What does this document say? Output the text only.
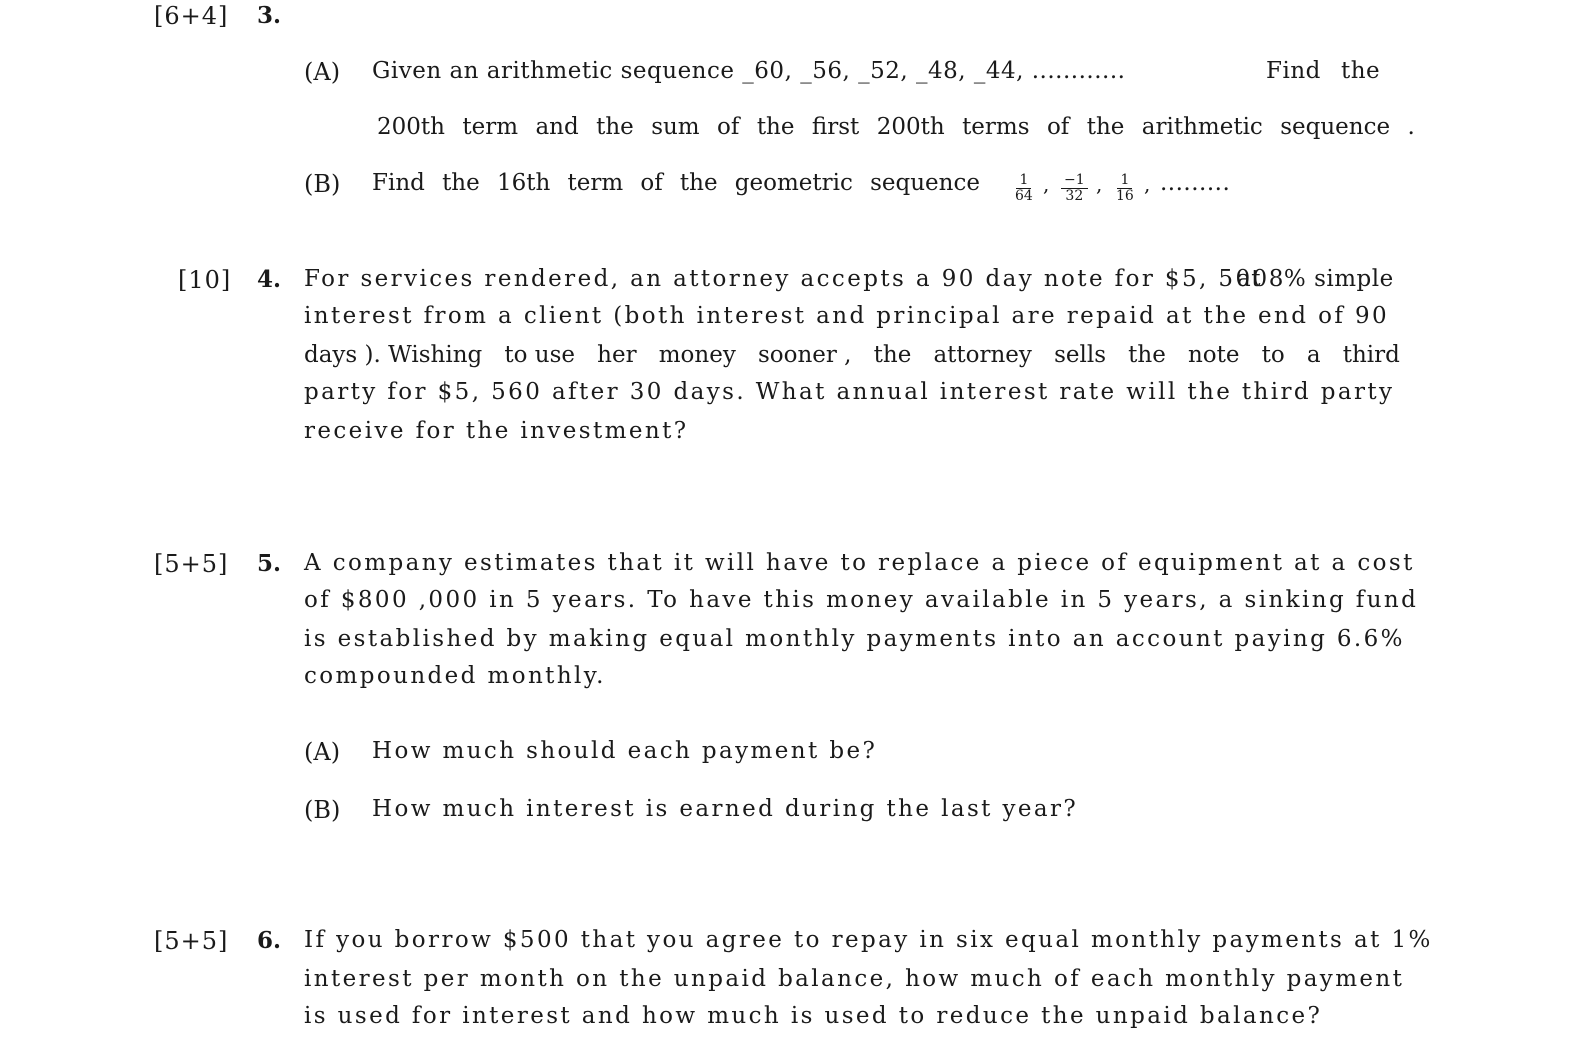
[6+4] 3.
(A) Given an arithmetic sequence _60, _56, _52, _48, _44, ............	Find the
200th term and the sum of the first 200th terms of the arithmetic sequence .
(B) Find the 16th term of the geometric sequence $\frac{1}{64}$ , $\frac{-1}{32}$ , $\frac{1}{16}$ , .........
[10] 4. For services rendered, an attorney accepts a 90 day note for $5, 500
at 8% simple
interest from a client (both interest and principal are repaid at the end of 90
days ). Wishing to use her money sooner , the attorney sells the note to a third
party for $5, 560 after 30 days. What annual interest rate will the third party
receive for the investment?
[5+5] 5. A company estimates that it will have to replace a piece of equipment at a cost
of $800 ,000 in 5 years. To have this money available in 5 years, a sinking fund
is established by making equal monthly payments into an account paying 6.6%
compounded monthly.
(A) How much should each payment be?
(B) How much interest is earned during the last year?
[5+5] 6. If you borrow $500 that you agree to repay in six equal monthly payments at 1%
interest per month on the unpaid balance, how much of each monthly payment
is used for interest and how much is used to reduce the unpaid balance?
